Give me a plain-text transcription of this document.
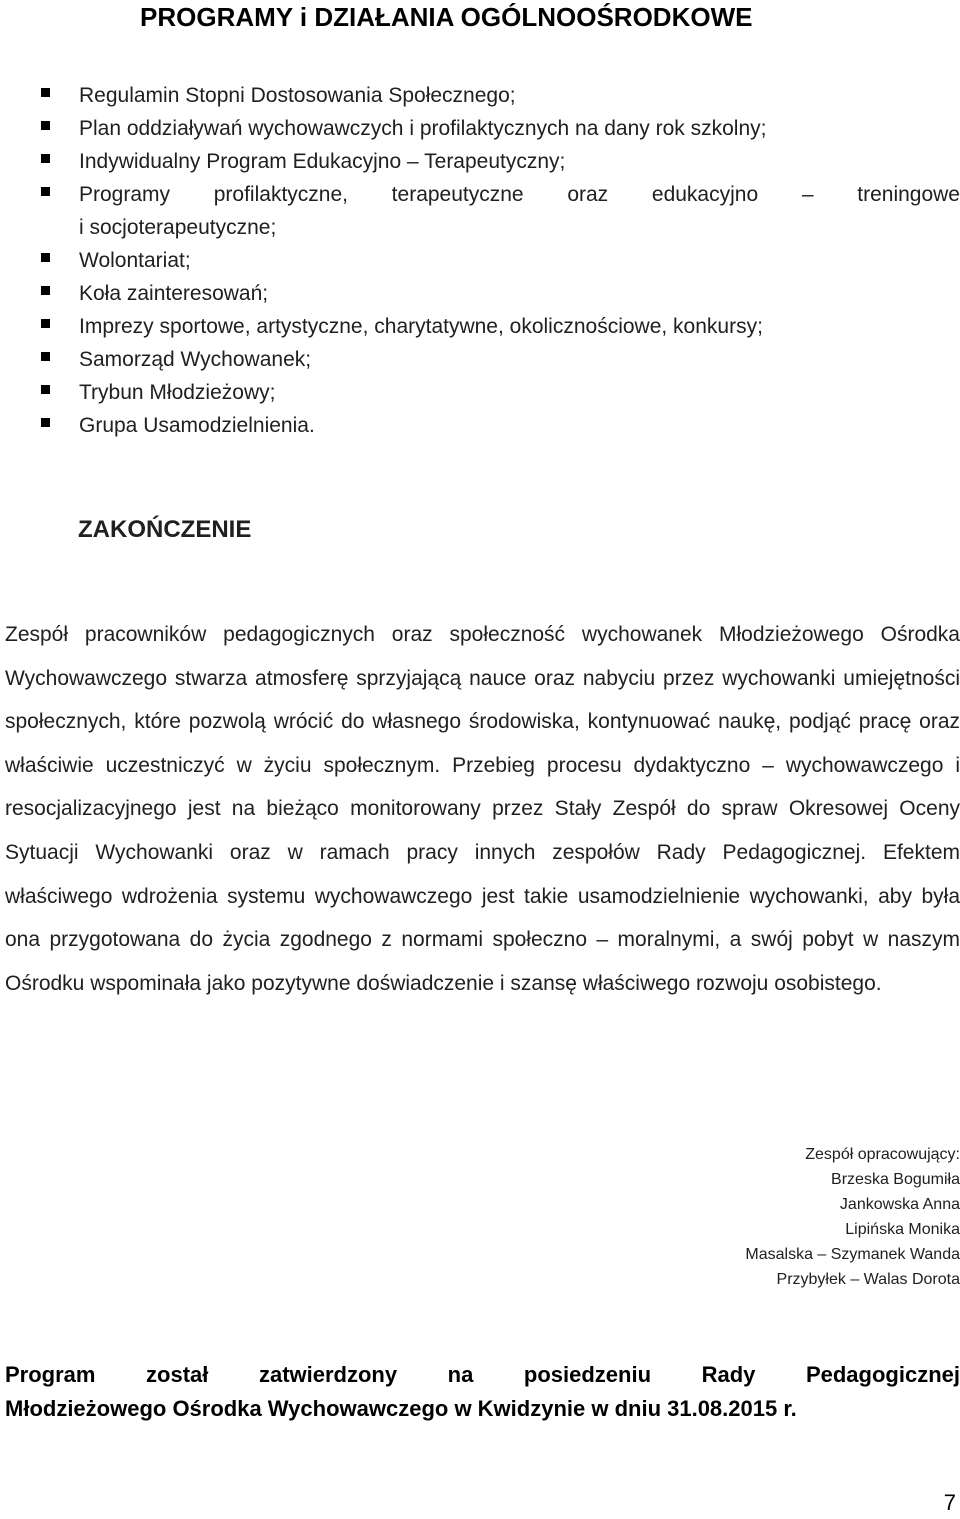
PROGRAMY i DZIAŁANIA OGÓLNOOŚRODKOWE
Regulamin Stopni Dostosowania Społecznego;
Plan oddziaływań wychowawczych i profilaktycznych na dany rok szkolny;
Indywidualny Program Edukacyjno – Terapeutyczny;
Programy profilaktyczne, terapeutyczne oraz edukacyjno – treningowe
i socjoterapeutyczne;
Wolontariat;
Koła zainteresowań;
Imprezy sportowe, artystyczne, charytatywne, okolicznościowe, konkursy;
Samorząd Wychowanek;
Trybun Młodzieżowy;
Grupa Usamodzielnienia.
ZAKOŃCZENIE

Zespół pracowników pedagogicznych oraz społeczność wychowanek Młodzieżowego Ośrodka Wychowawczego stwarza atmosferę sprzyjającą nauce oraz nabyciu przez wychowanki umiejętności społecznych, które pozwolą wrócić do własnego środowiska, kontynuować naukę, podjąć pracę oraz właściwie uczestniczyć w życiu społecznym. Przebieg procesu dydaktyczno – wychowawczego i resocjalizacyjnego jest na bieżąco monitorowany przez Stały Zespół do spraw Okresowej Oceny Sytuacji Wychowanki oraz w ramach pracy innych zespołów Rady Pedagogicznej. Efektem właściwego wdrożenia systemu wychowawczego jest takie usamodzielnienie wychowanki, aby była ona przygotowana do życia zgodnego z normami społeczno – moralnymi, a swój pobyt w naszym Ośrodku wspominała jako pozytywne doświadczenie i szansę właściwego rozwoju osobistego.

Zespół opracowujący:
Brzeska Bogumiła
Jankowska Anna
Lipińska Monika
Masalska – Szymanek Wanda
Przybyłek – Walas Dorota

Program został zatwierdzony na posiedzeniu Rady Pedagogicznej
Młodzieżowego Ośrodka Wychowawczego w Kwidzynie w dniu 31.08.2015 r.

7
